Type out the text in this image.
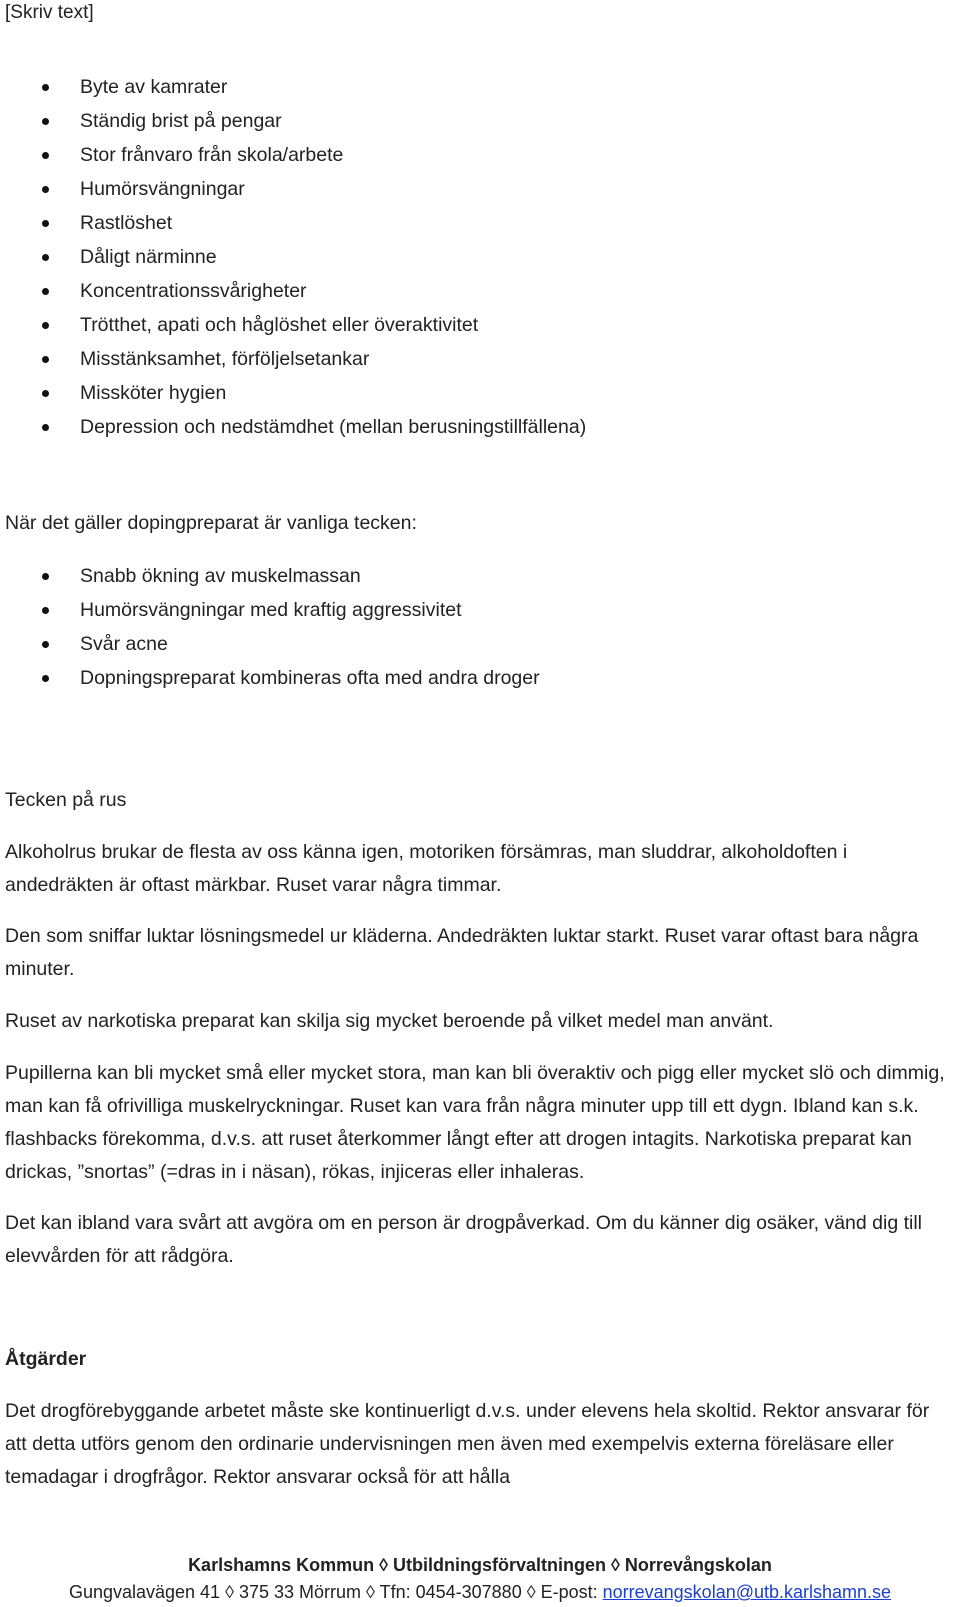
[Skriv text]
Byte av kamrater
Ständig brist på pengar
Stor frånvaro från skola/arbete
Humörsvängningar
Rastlöshet
Dåligt närminne
Koncentrationssvårigheter
Trötthet, apati och håglöshet eller överaktivitet
Misstänksamhet, förföljelsetankar
Missköter hygien
Depression och nedstämdhet (mellan berusningstillfällena)

När det gäller dopingpreparat är vanliga tecken:

Snabb ökning av muskelmassan
Humörsvängningar med kraftig aggressivitet
Svår acne
Dopningspreparat kombineras ofta med andra droger

Tecken på rus

Alkoholrus brukar de flesta av oss känna igen, motoriken försämras, man sluddrar, alkoholdoften i andedräkten är oftast märkbar. Ruset varar några timmar.

Den som sniffar luktar lösningsmedel ur kläderna. Andedräkten luktar starkt. Ruset varar oftast bara några minuter.

Ruset av narkotiska preparat kan skilja sig mycket beroende på vilket medel man använt.

Pupillerna kan bli mycket små eller mycket stora, man kan bli överaktiv och pigg eller mycket slö och dimmig, man kan få ofrivilliga muskelryckningar. Ruset kan vara från några minuter upp till ett dygn. Ibland kan s.k. flashbacks förekomma, d.v.s. att ruset återkommer långt efter att drogen intagits. Narkotiska preparat kan drickas, ”snortas” (=dras in i näsan), rökas, injiceras eller inhaleras.

Det kan ibland vara svårt att avgöra om en person är drogpåverkad. Om du känner dig osäker, vänd dig till elevvården för att rådgöra.

Åtgärder

Det drogförebyggande arbetet måste ske kontinuerligt d.v.s. under elevens hela skoltid. Rektor ansvarar för att detta utförs genom den ordinarie undervisningen men även med exempelvis externa föreläsare eller temadagar i drogfrågor. Rektor ansvarar också för att hålla

Karlshamns Kommun ◊ Utbildningsförvaltningen ◊ Norrevångskolan
Gungvalavägen 41 ◊ 375 33 Mörrum ◊ Tfn: 0454-307880 ◊ E-post: norrevangskolan@utb.karlshamn.se
